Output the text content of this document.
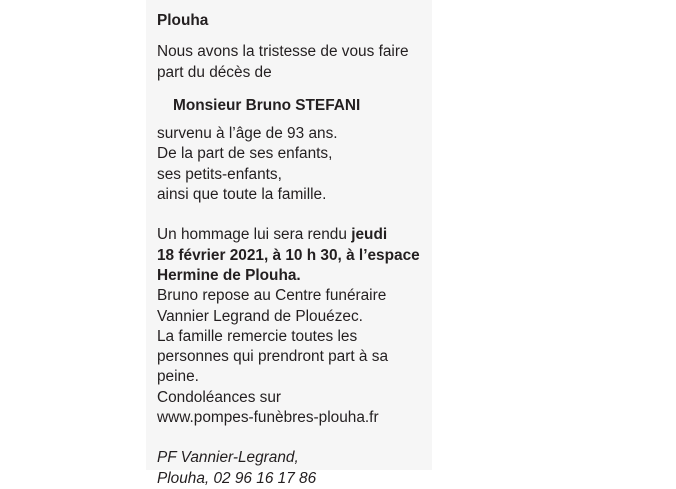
Plouha
Nous avons la tristesse de vous faire
part du décès de
Monsieur Bruno STEFANI
survenu à l’âge de 93 ans.
De la part de ses enfants,
ses petits-enfants,
ainsi que toute la famille.
Un hommage lui sera rendu jeudi
18 février 2021, à 10 h 30, à l’espace
Hermine de Plouha.
Bruno repose au Centre funéraire
Vannier Legrand de Plouézec.
La famille remercie toutes les
personnes qui prendront part à sa
peine.
Condoléances sur
www.pompes-funèbres-plouha.fr
PF Vannier-Legrand,
Plouha, 02 96 16 17 86
